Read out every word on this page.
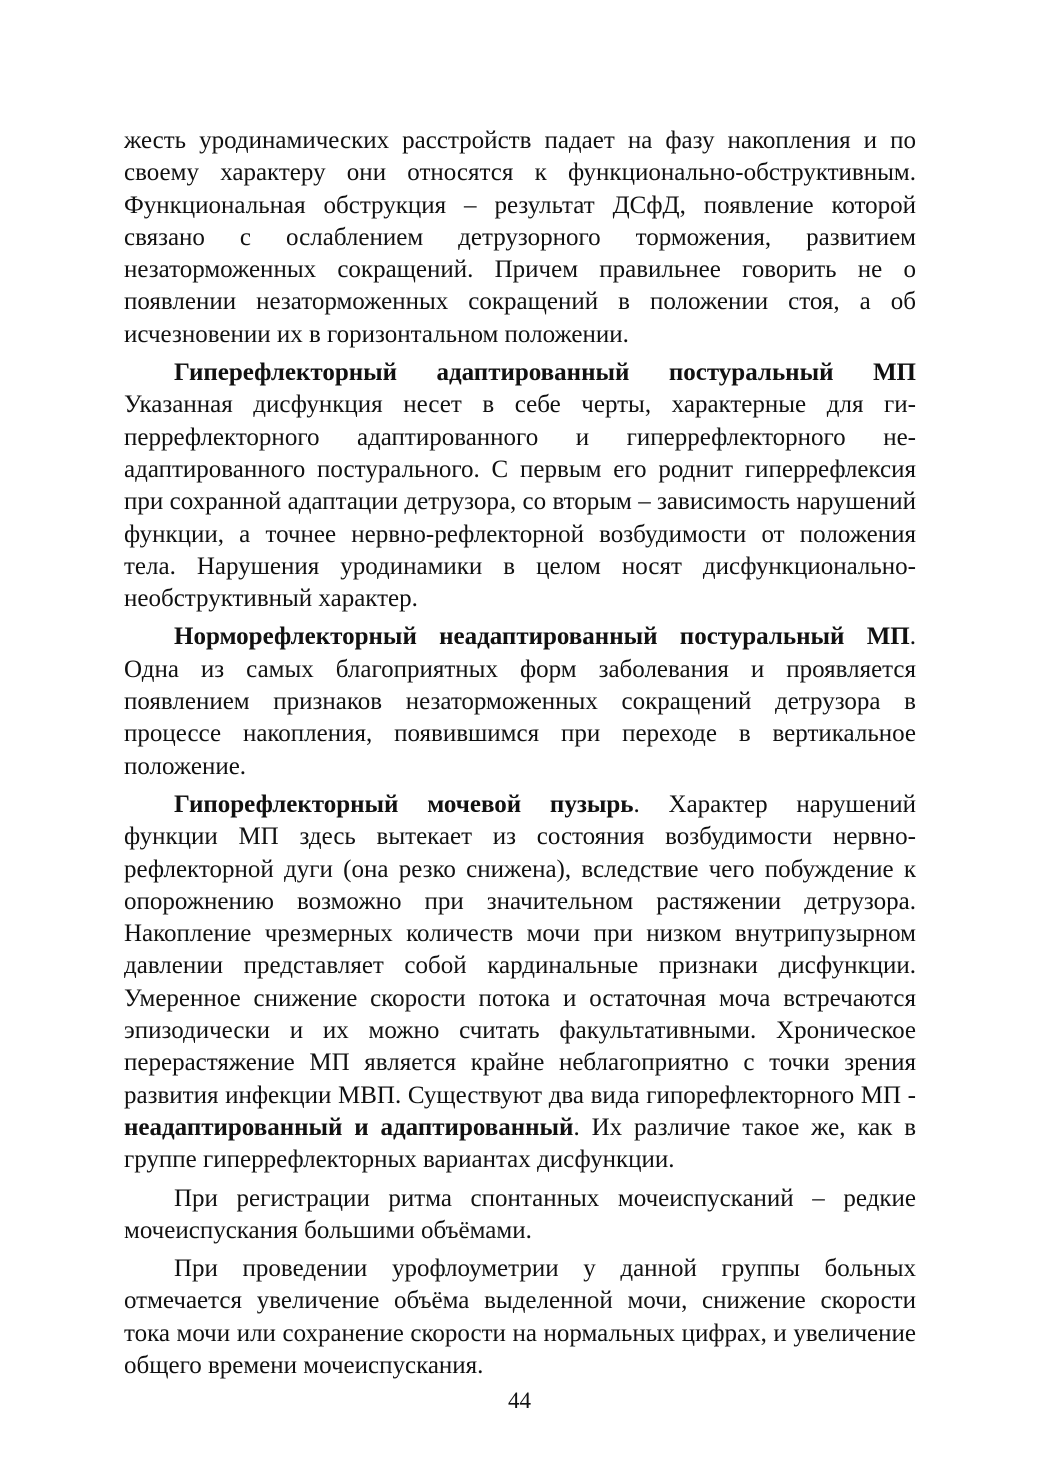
жесть уродинамических расстройств падает на фазу накопления и по своему характеру они относятся к функционально-обструктивным. Функциональная обструкция – результат ДСфД, появление которой связано с ослаблением детрузорного торможения, развитием незаторможенных сокращений. Причем правильнее говорить не о появлении незаторможенных сокращений в положении стоя, а об исчезновении их в горизонтальном положении.

Гиперефлекторный адаптированный постуральный МП Указанная дисфункция несет в себе черты, характерные для гиперрефлекторного адаптированного и гиперрефлекторного неадаптированного постурального. С первым его роднит гиперрефлексия при сохранной адаптации детрузора, со вторым – зависимость нарушений функции, а точнее нервно-рефлекторной возбудимости от положения тела. Нарушения уродинамики в целом носят дисфункционально-необструктивный характер.

Норморефлекторный неадаптированный постуральный МП. Одна из самых благоприятных форм заболевания и проявляется появлением признаков незаторможенных сокращений детрузора в процессе накопления, появившимся при переходе в вертикальное положение.

Гипорефлекторный мочевой пузырь. Характер нарушений функции МП здесь вытекает из состояния возбудимости нервно-рефлекторной дуги (она резко снижена), вследствие чего побуждение к опорожнению возможно при значительном растяжении детрузора. Накопление чрезмерных количеств мочи при низком внутрипузырном давлении представляет собой кардинальные признаки дисфункции. Умеренное снижение скорости потока и остаточная моча встречаются эпизодически и их можно считать факультативными. Хроническое перерастяжение МП является крайне неблагоприятно с точки зрения развития инфекции МВП. Существуют два вида гипорефлекторного МП - неадаптированный и адаптированный. Их различие такое же, как в группе гиперрефлекторных вариантах дисфункции.

При регистрации ритма спонтанных мочеиспусканий – редкие мочеиспускания большими объёмами.

При проведении урофлоуметрии у данной группы больных отмечается увеличение объёма выделенной мочи, снижение скорости тока мочи или сохранение скорости на нормальных цифрах, и увеличение общего времени мочеиспускания.

44
